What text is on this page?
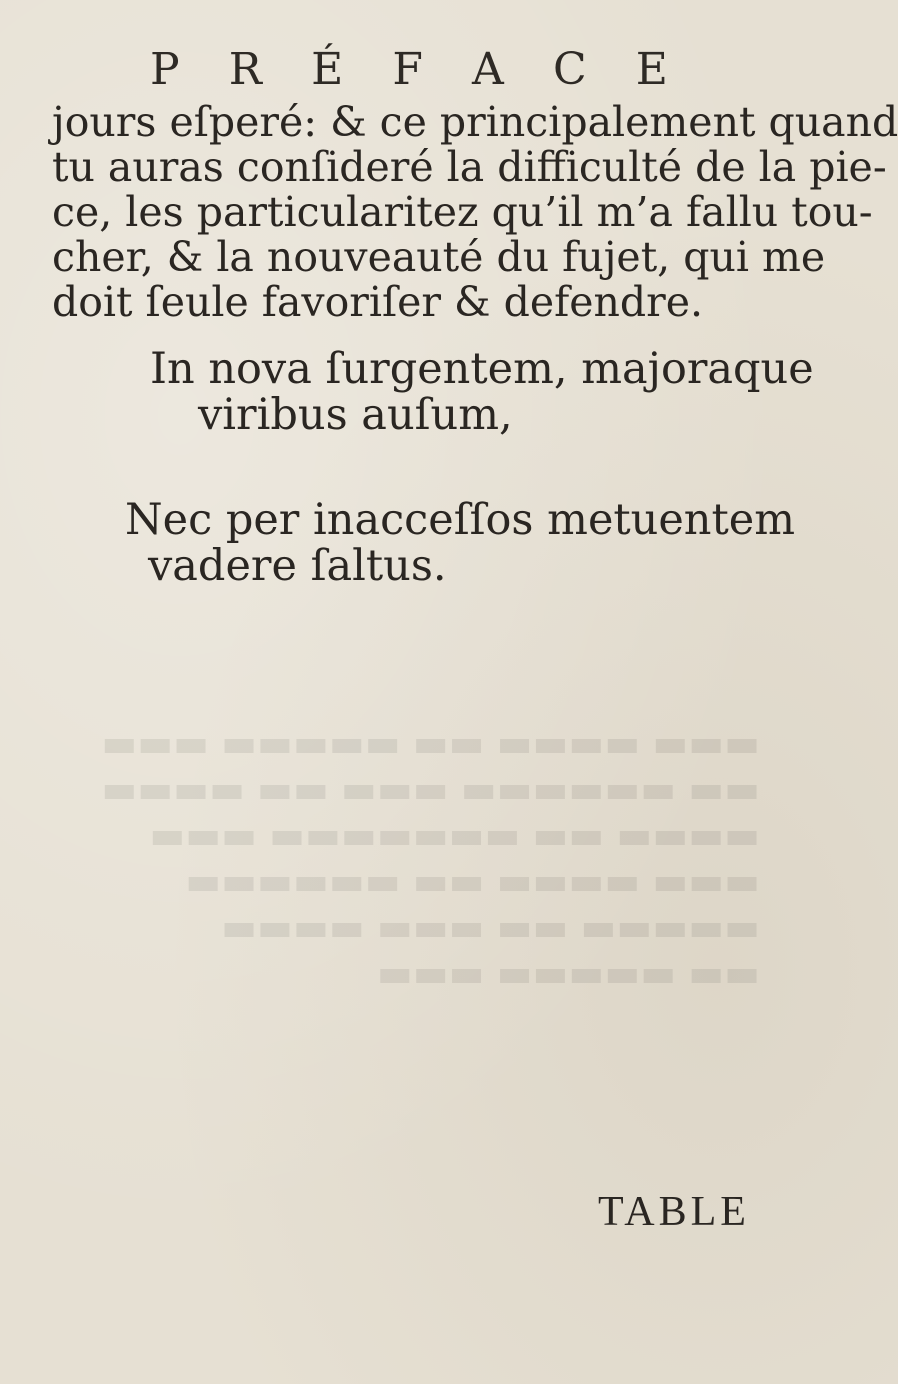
▬▬▬ ▬▬▬▬ ▬▬ ▬▬▬▬▬ ▬▬▬
▬▬ ▬▬▬▬▬▬ ▬▬▬ ▬▬ ▬▬▬▬
▬▬▬▬ ▬▬ ▬▬▬▬▬▬▬ ▬▬▬
▬▬▬ ▬▬▬▬ ▬▬ ▬▬▬▬▬▬
▬▬▬▬▬ ▬▬ ▬▬▬ ▬▬▬▬
▬▬ ▬▬▬▬▬ ▬▬▬
P R É F A C E
jours eſperé: & ce principalement quand
tu auras conſideré la difficulté de la pie-
ce, les particularitez qu’il m’a fallu tou-
cher, & la nouveauté du fujet, qui me
doit ſeule favoriſer & defendre.
In nova ſurgentem, majoraque
viribus auſum,
Nec per inacceſſos metuentem
vadere ſaltus.
TABLE
